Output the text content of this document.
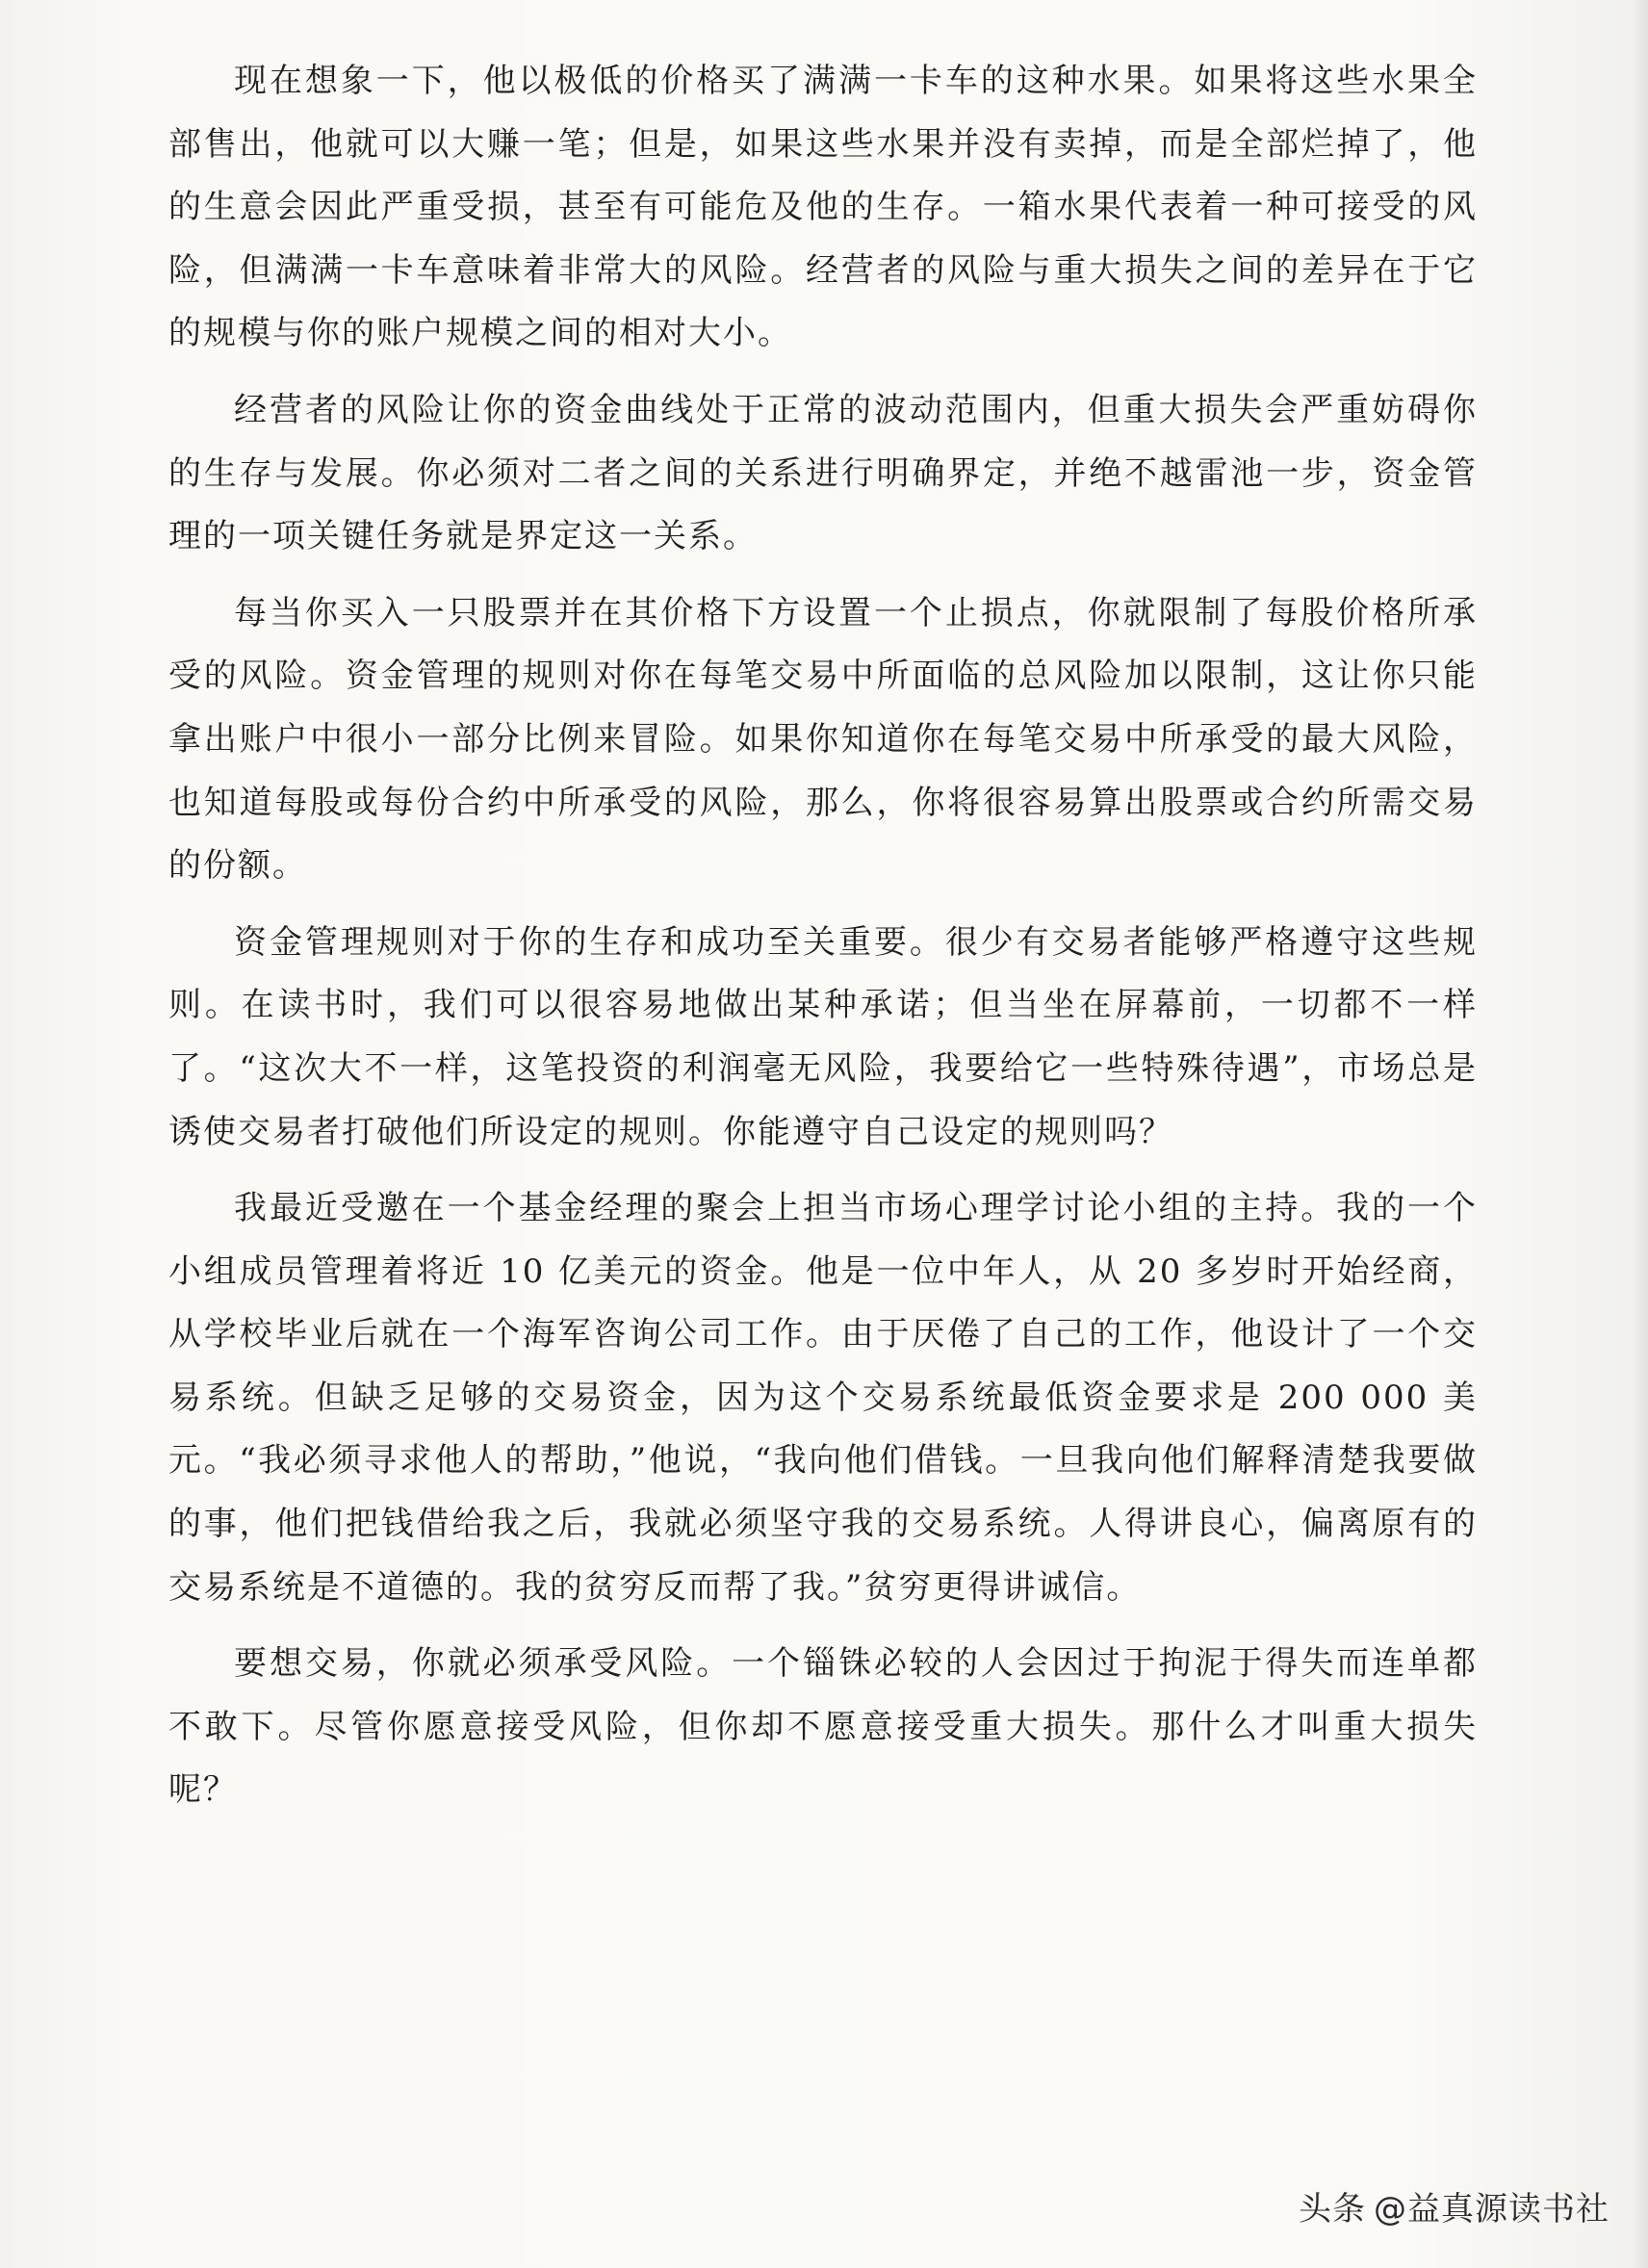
现在想象一下，他以极低的价格买了满满一卡车的这种水果。如果将这些水果全部售出，他就可以大赚一笔；但是，如果这些水果并没有卖掉，而是全部烂掉了，他的生意会因此严重受损，甚至有可能危及他的生存。一箱水果代表着一种可接受的风险，但满满一卡车意味着非常大的风险。经营者的风险与重大损失之间的差异在于它的规模与你的账户规模之间的相对大小。

经营者的风险让你的资金曲线处于正常的波动范围内，但重大损失会严重妨碍你的生存与发展。你必须对二者之间的关系进行明确界定，并绝不越雷池一步，资金管理的一项关键任务就是界定这一关系。

每当你买入一只股票并在其价格下方设置一个止损点，你就限制了每股价格所承受的风险。资金管理的规则对你在每笔交易中所面临的总风险加以限制，这让你只能拿出账户中很小一部分比例来冒险。如果你知道你在每笔交易中所承受的最大风险，也知道每股或每份合约中所承受的风险，那么，你将很容易算出股票或合约所需交易的份额。

资金管理规则对于你的生存和成功至关重要。很少有交易者能够严格遵守这些规则。在读书时，我们可以很容易地做出某种承诺；但当坐在屏幕前，一切都不一样了。“这次大不一样，这笔投资的利润毫无风险，我要给它一些特殊待遇”，市场总是诱使交易者打破他们所设定的规则。你能遵守自己设定的规则吗？

我最近受邀在一个基金经理的聚会上担当市场心理学讨论小组的主持。我的一个小组成员管理着将近 10 亿美元的资金。他是一位中年人，从 20 多岁时开始经商，从学校毕业后就在一个海军咨询公司工作。由于厌倦了自己的工作，他设计了一个交易系统。但缺乏足够的交易资金，因为这个交易系统最低资金要求是 200 000 美元。“我必须寻求他人的帮助，”他说，“我向他们借钱。一旦我向他们解释清楚我要做的事，他们把钱借给我之后，我就必须坚守我的交易系统。人得讲良心，偏离原有的交易系统是不道德的。我的贫穷反而帮了我。”贫穷更得讲诚信。

要想交易，你就必须承受风险。一个锱铢必较的人会因过于拘泥于得失而连单都不敢下。尽管你愿意接受风险，但你却不愿意接受重大损失。那什么才叫重大损失呢？

头条 @益真源读书社
